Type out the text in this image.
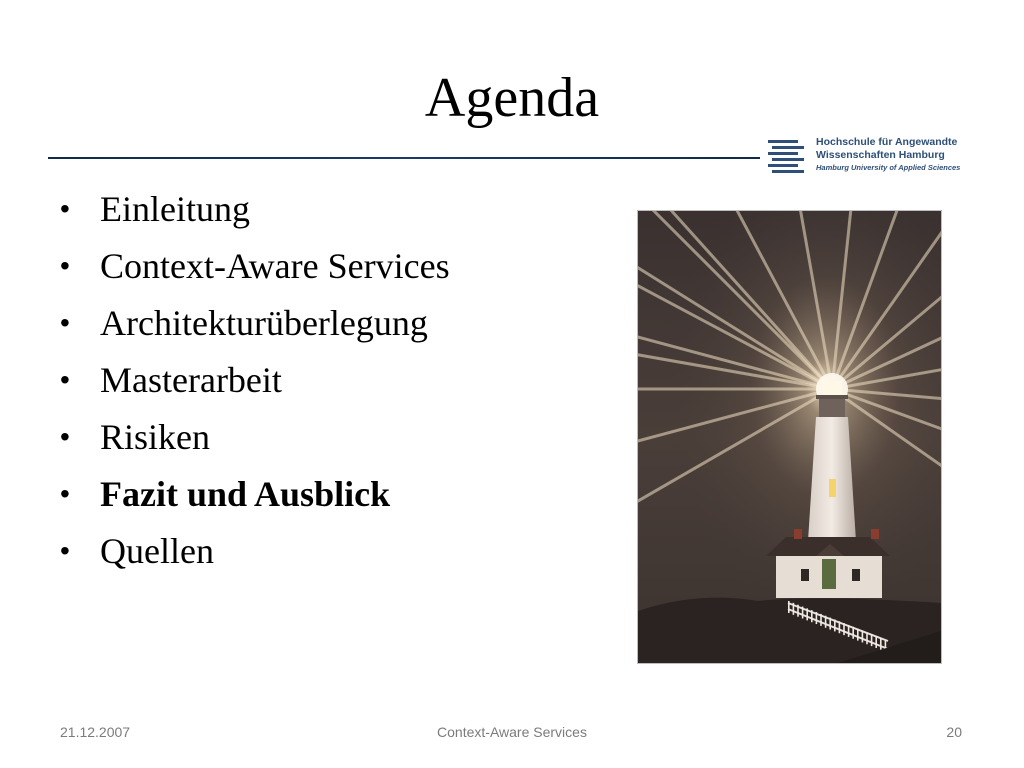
Agenda
Hochschule für Angewandte
Wissenschaften Hamburg
Hamburg University of Applied Sciences
• Einleitung
• Context-Aware Services
• Architekturüberlegung
• Masterarbeit
• Risiken
• Fazit und Ausblick
• Quellen
21.12.2007	Context-Aware Services	20
